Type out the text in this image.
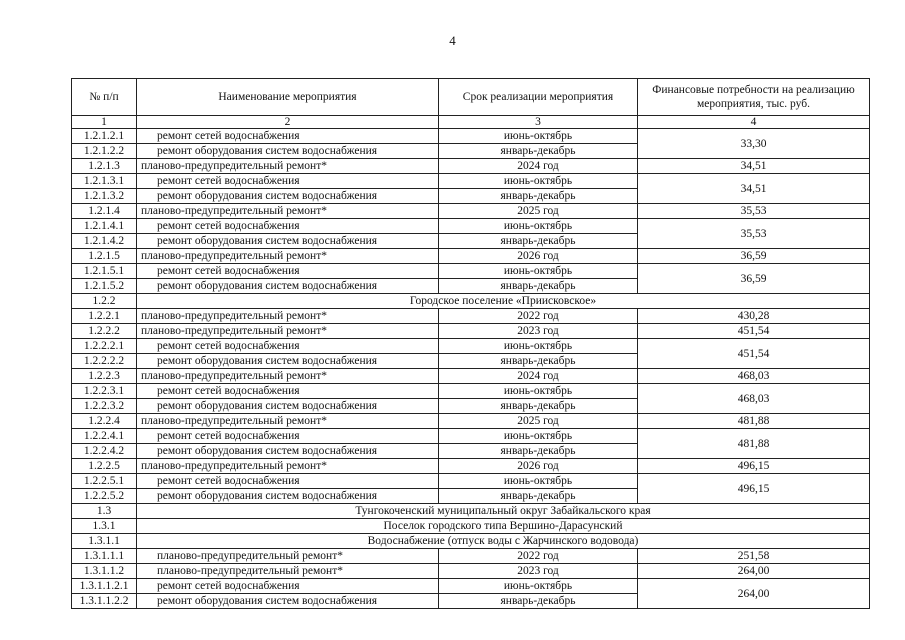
4
№ п/п	Наименование мероприятия	Срок реализации мероприятия	Финансовые потребности на реализацию мероприятия, тыс. руб.
1	2	3	4
1.2.1.2.1	ремонт сетей водоснабжения	июнь-октябрь	33,30
1.2.1.2.2	ремонт оборудования систем водоснабжения	январь-декабрь	
1.2.1.3	планово-предупредительный ремонт*	2024 год	34,51
1.2.1.3.1	ремонт сетей водоснабжения	июнь-октябрь	34,51
1.2.1.3.2	ремонт оборудования систем водоснабжения	январь-декабрь	
1.2.1.4	планово-предупредительный ремонт*	2025 год	35,53
1.2.1.4.1	ремонт сетей водоснабжения	июнь-октябрь	35,53
1.2.1.4.2	ремонт оборудования систем водоснабжения	январь-декабрь	
1.2.1.5	планово-предупредительный ремонт*	2026 год	36,59
1.2.1.5.1	ремонт сетей водоснабжения	июнь-октябрь	36,59
1.2.1.5.2	ремонт оборудования систем водоснабжения	январь-декабрь	
1.2.2	Городское поселение «Приисковское»		
1.2.2.1	планово-предупредительный ремонт*	2022 год	430,28
1.2.2.2	планово-предупредительный ремонт*	2023 год	451,54
1.2.2.2.1	ремонт сетей водоснабжения	июнь-октябрь	451,54
1.2.2.2.2	ремонт оборудования систем водоснабжения	январь-декабрь	
1.2.2.3	планово-предупредительный ремонт*	2024 год	468,03
1.2.2.3.1	ремонт сетей водоснабжения	июнь-октябрь	468,03
1.2.2.3.2	ремонт оборудования систем водоснабжения	январь-декабрь	
1.2.2.4	планово-предупредительный ремонт*	2025 год	481,88
1.2.2.4.1	ремонт сетей водоснабжения	июнь-октябрь	481,88
1.2.2.4.2	ремонт оборудования систем водоснабжения	январь-декабрь	
1.2.2.5	планово-предупредительный ремонт*	2026 год	496,15
1.2.2.5.1	ремонт сетей водоснабжения	июнь-октябрь	496,15
1.2.2.5.2	ремонт оборудования систем водоснабжения	январь-декабрь	
1.3	Тунгокоченский муниципальный округ Забайкальского края		
1.3.1	Поселок городского типа Вершино-Дарасунский		
1.3.1.1	Водоснабжение (отпуск воды с Жарчинского водовода)		
1.3.1.1.1	планово-предупредительный ремонт*	2022 год	251,58
1.3.1.1.2	планово-предупредительный ремонт*	2023 год	264,00
1.3.1.1.2.1	ремонт сетей водоснабжения	июнь-октябрь	264,00
1.3.1.1.2.2	ремонт оборудования систем водоснабжения	январь-декабрь	
